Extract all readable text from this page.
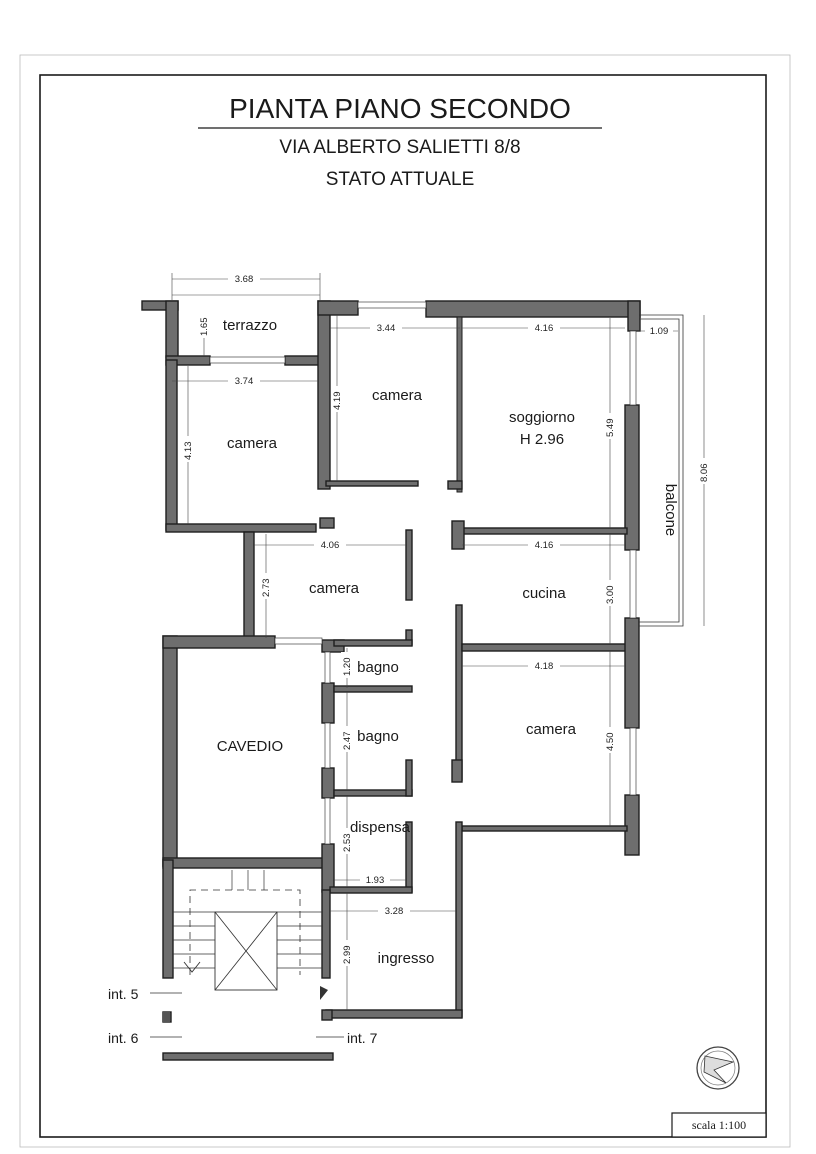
PIANTA PIANO SECONDO
VIA ALBERTO SALIETTI 8/8
STATO ATTUALE
3.68
1.65
3.74
4.13
3.44
4.19
4.16
5.49
1.09
8.06
4.06
2.73
4.16
3.00
1.20
2.47
4.18
4.50
2.53
1.93
3.28
2.99
terrazzo
camera
camera
soggiorno
H 2.96
balcone
camera	cucina
bagno
bagno
CAVEDIO
camera
dispensa
ingresso
int. 5
int. 6	int. 7
scala 1:100
